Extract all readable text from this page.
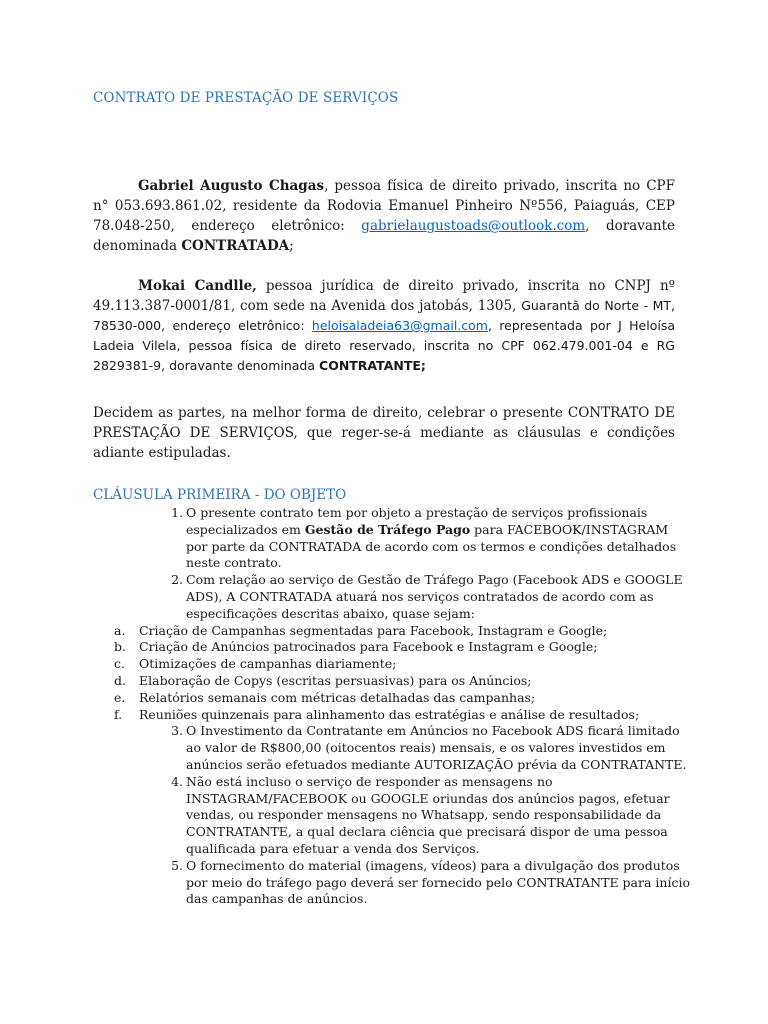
CONTRATO DE PRESTAÇÃO DE SERVIÇOS
Gabriel Augusto Chagas, pessoa física de direito privado, inscrita no CPF n° 053.693.861.02, residente da Rodovia Emanuel Pinheiro Nº556, Paiaguás, CEP 78.048-250, endereço eletrônico: gabrielaugustoads@outlook.com, doravante denominada CONTRATADA;
Mokai Candlle, pessoa jurídica de direito privado, inscrita no CNPJ nº 49.113.387-0001/81, com sede na Avenida dos jatobás, 1305, Guarantã do Norte - MT, 78530-000, endereço eletrônico: heloisaladeia63@gmail.com, representada por J Heloísa Ladeia Vilela, pessoa física de direto reservado, inscrita no CPF 062.479.001-04 e RG 2829381-9, doravante denominada CONTRATANTE;
Decidem as partes, na melhor forma de direito, celebrar o presente CONTRATO DE PRESTAÇÃO DE SERVIÇOS, que reger-se-á mediante as cláusulas e condições adiante estipuladas.
CLÁUSULA PRIMEIRA - DO OBJETO
1. O presente contrato tem por objeto a prestação de serviços profissionais especializados em Gestão de Tráfego Pago para FACEBOOK/INSTAGRAM por parte da CONTRATADA de acordo com os termos e condições detalhados neste contrato.
2. Com relação ao serviço de Gestão de Tráfego Pago (Facebook ADS e GOOGLE ADS), A CONTRATADA atuará nos serviços contratados de acordo com as especificações descritas abaixo, quase sejam:
a. Criação de Campanhas segmentadas para Facebook, Instagram e Google;
b. Criação de Anúncios patrocinados para Facebook e Instagram e Google;
c. Otimizações de campanhas diariamente;
d. Elaboração de Copys (escritas persuasivas) para os Anúncios;
e. Relatórios semanais com métricas detalhadas das campanhas;
f. Reuniões quinzenais para alinhamento das estratégias e análise de resultados;
3. O Investimento da Contratante em Anúncios no Facebook ADS ficará limitado ao valor de R$800,00 (oitocentos reais) mensais, e os valores investidos em anúncios serão efetuados mediante AUTORIZAÇÃO prévia da CONTRATANTE.
4. Não está incluso o serviço de responder as mensagens no INSTAGRAM/FACEBOOK ou GOOGLE oriundas dos anúncios pagos, efetuar vendas, ou responder mensagens no Whatsapp, sendo responsabilidade da CONTRATANTE, a qual declara ciência que precisará dispor de uma pessoa qualificada para efetuar a venda dos Serviços.
5. O fornecimento do material (imagens, vídeos) para a divulgação dos produtos por meio do tráfego pago deverá ser fornecido pelo CONTRATANTE para início das campanhas de anúncios.
